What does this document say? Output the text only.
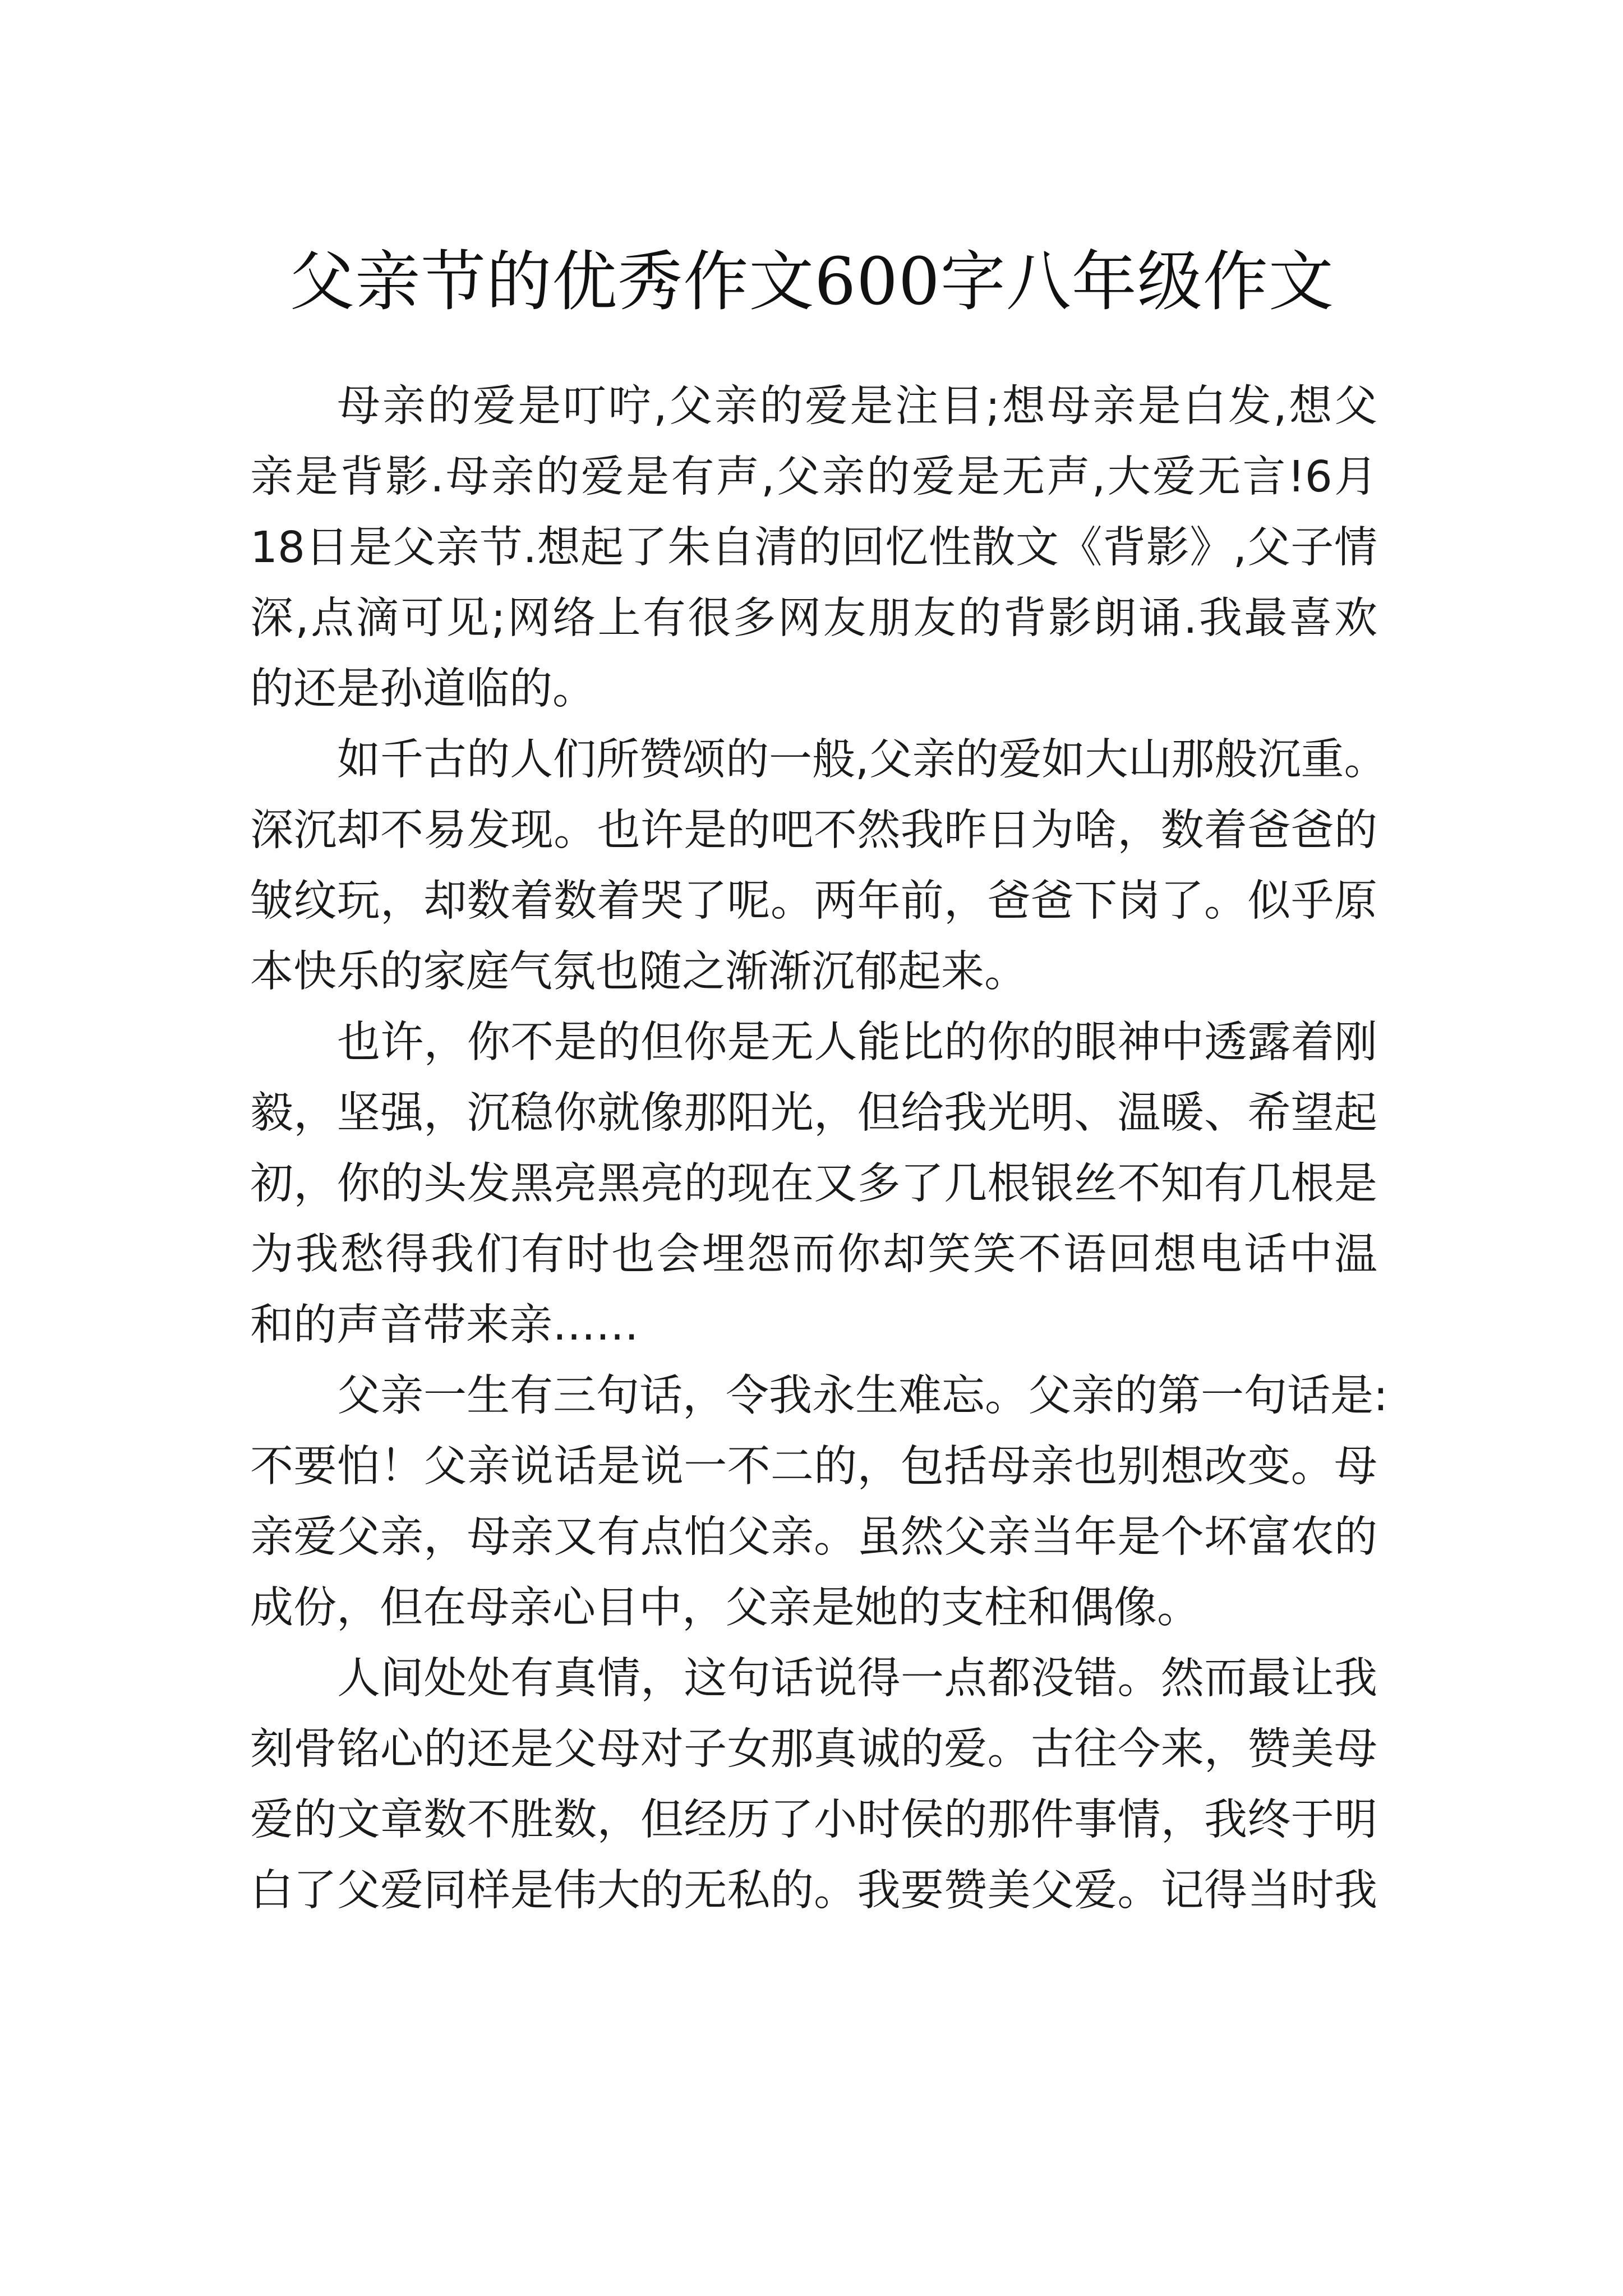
父亲节的优秀作文600字八年级作文
母亲的爱是叮咛,父亲的爱是注目;想母亲是白发,想父
亲是背影.母亲的爱是有声,父亲的爱是无声,大爱无言!6月
18日是父亲节.想起了朱自清的回忆性散文《背影》,父子情
深,点滴可见;网络上有很多网友朋友的背影朗诵.我最喜欢
的还是孙道临的。
如千古的人们所赞颂的一般,父亲的爱如大山那般沉重。
深沉却不易发现。也许是的吧不然我昨日为啥，数着爸爸的
皱纹玩，却数着数着哭了呢。两年前，爸爸下岗了。似乎原
本快乐的家庭气氛也随之渐渐沉郁起来。
也许，你不是的但你是无人能比的你的眼神中透露着刚
毅，坚强，沉稳你就像那阳光，但给我光明、温暖、希望起
初，你的头发黑亮黑亮的现在又多了几根银丝不知有几根是
为我愁得我们有时也会埋怨而你却笑笑不语回想电话中温
和的声音带来亲……
父亲一生有三句话，令我永生难忘。父亲的第一句话是:
不要怕！父亲说话是说一不二的，包括母亲也别想改变。母
亲爱父亲，母亲又有点怕父亲。虽然父亲当年是个坏富农的
成份，但在母亲心目中，父亲是她的支柱和偶像。
人间处处有真情，这句话说得一点都没错。然而最让我
刻骨铭心的还是父母对子女那真诚的爱。古往今来，赞美母
爱的文章数不胜数，但经历了小时侯的那件事情，我终于明
白了父爱同样是伟大的无私的。我要赞美父爱。记得当时我
